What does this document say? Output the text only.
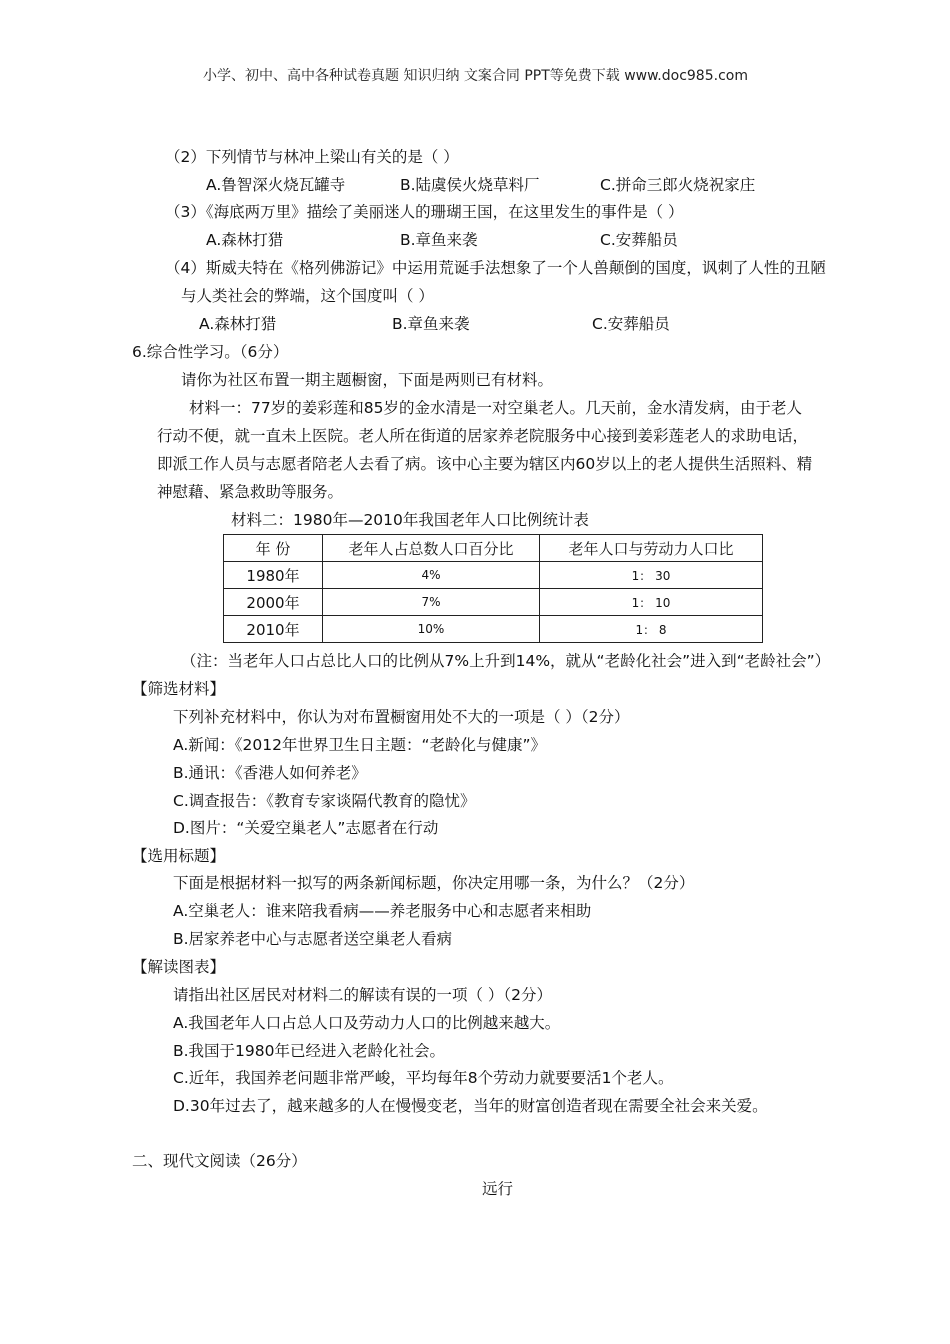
小学、初中、高中各种试卷真题 知识归纳 文案合同 PPT等免费下载 www.doc985.com
（2）下列情节与林冲上梁山有关的是（ ）
A.鲁智深火烧瓦罐寺	B.陆虞侯火烧草料厂	C.拼命三郎火烧祝家庄
（3）《海底两万里》描绘了美丽迷人的珊瑚王国，在这里发生的事件是（ ）
A.森林打猎	B.章鱼来袭	C.安葬船员
（4）斯威夫特在《格列佛游记》中运用荒诞手法想象了一个人兽颠倒的国度，讽刺了人性的丑陋
与人类社会的弊端，这个国度叫（ ）
A.森林打猎	B.章鱼来袭	C.安葬船员
6.综合性学习。（6分）
请你为社区布置一期主题橱窗，下面是两则已有材料。
材料一：77岁的姜彩莲和85岁的金水清是一对空巢老人。几天前，金水清发病，由于老人
行动不便，就一直未上医院。老人所在街道的居家养老院服务中心接到姜彩莲老人的求助电话，
即派工作人员与志愿者陪老人去看了病。该中心主要为辖区内60岁以上的老人提供生活照料、精
神慰藉、紧急救助等服务。
材料二：1980年—2010年我国老年人口比例统计表
年 份	老年人占总数人口百分比	老年人口与劳动力人口比
1980年	4%	1： 30
2000年	7%	1： 10
2010年	10%	1： 8
（注：当老年人口占总比人口的比例从7%上升到14%，就从“老龄化社会”进入到“老龄社会”）
【筛选材料】
下列补充材料中，你认为对布置橱窗用处不大的一项是（ ）（2分）
A.新闻：《2012年世界卫生日主题：“老龄化与健康”》
B.通讯：《香港人如何养老》
C.调查报告：《教育专家谈隔代教育的隐忧》
D.图片：“关爱空巢老人”志愿者在行动
【选用标题】
下面是根据材料一拟写的两条新闻标题，你决定用哪一条，为什么？（2分）
A.空巢老人：谁来陪我看病——养老服务中心和志愿者来相助
B.居家养老中心与志愿者送空巢老人看病
【解读图表】
请指出社区居民对材料二的解读有误的一项（ ）（2分）
A.我国老年人口占总人口及劳动力人口的比例越来越大。
B.我国于1980年已经进入老龄化社会。
C.近年，我国养老问题非常严峻，平均每年8个劳动力就要要活1个老人。
D.30年过去了，越来越多的人在慢慢变老，当年的财富创造者现在需要全社会来关爱。
二、现代文阅读（26分）
远行
